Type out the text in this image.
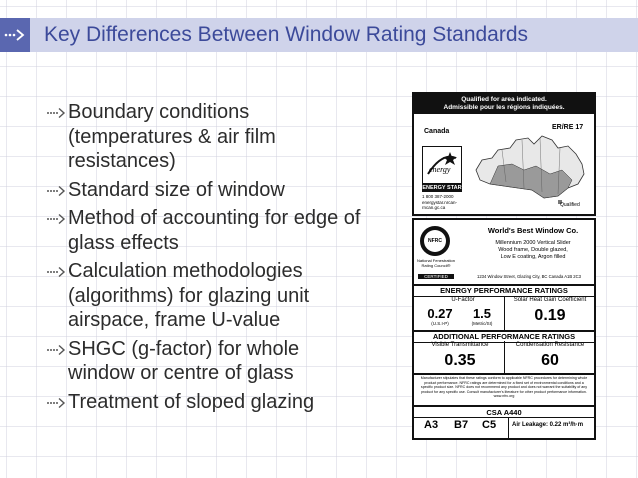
Key Differences Between Window Rating Standards
Boundary conditions (temperatures & air film resistances)
Standard size of window
Method of accounting for edge of glass effects
Calculation methodologies (algorithms) for glazing unit airspace, frame U-value
SHGC (g-factor) for whole window or centre of glass
Treatment of sloped glazing
Qualified for area indicated.
Admissible pour les régions indiquées.
Canada
ER/RE 17
energy
ENERGY STAR
1 800 387-2000
energystar.nrcan-
rncan.gc.ca	Qualified
NFRC
National Fenestration Rating Council®
CERTIFIED
World's Best Window Co.
Millennium 2000 Vertical Slider
Wood frame, Double glazed,
Low E coating, Argon filled
1234 Window Street, Glazing City, BC Canada A1B 2C3
ENERGY PERFORMANCE RATINGS
U-Factor	Solar Heat Gain Coefficient
0.27
(U.S.I-P)
1.5
(Metric/SI)	0.19
ADDITIONAL PERFORMANCE RATINGS
Visible Transmittance	Condensation Resistance
0.35	60
Manufacturer stipulates that these ratings conform to applicable NFRC procedures for determining whole product performance. NFRC ratings are determined for a fixed set of environmental conditions and a specific product size. NFRC does not recommend any product and does not warrant the suitability of any product for any specific use. Consult manufacturer's literature for other product performance information. www.nfrc.org
CSA A440
A3 B7 C5	Air Leakage: 0.22 m³/h·m
